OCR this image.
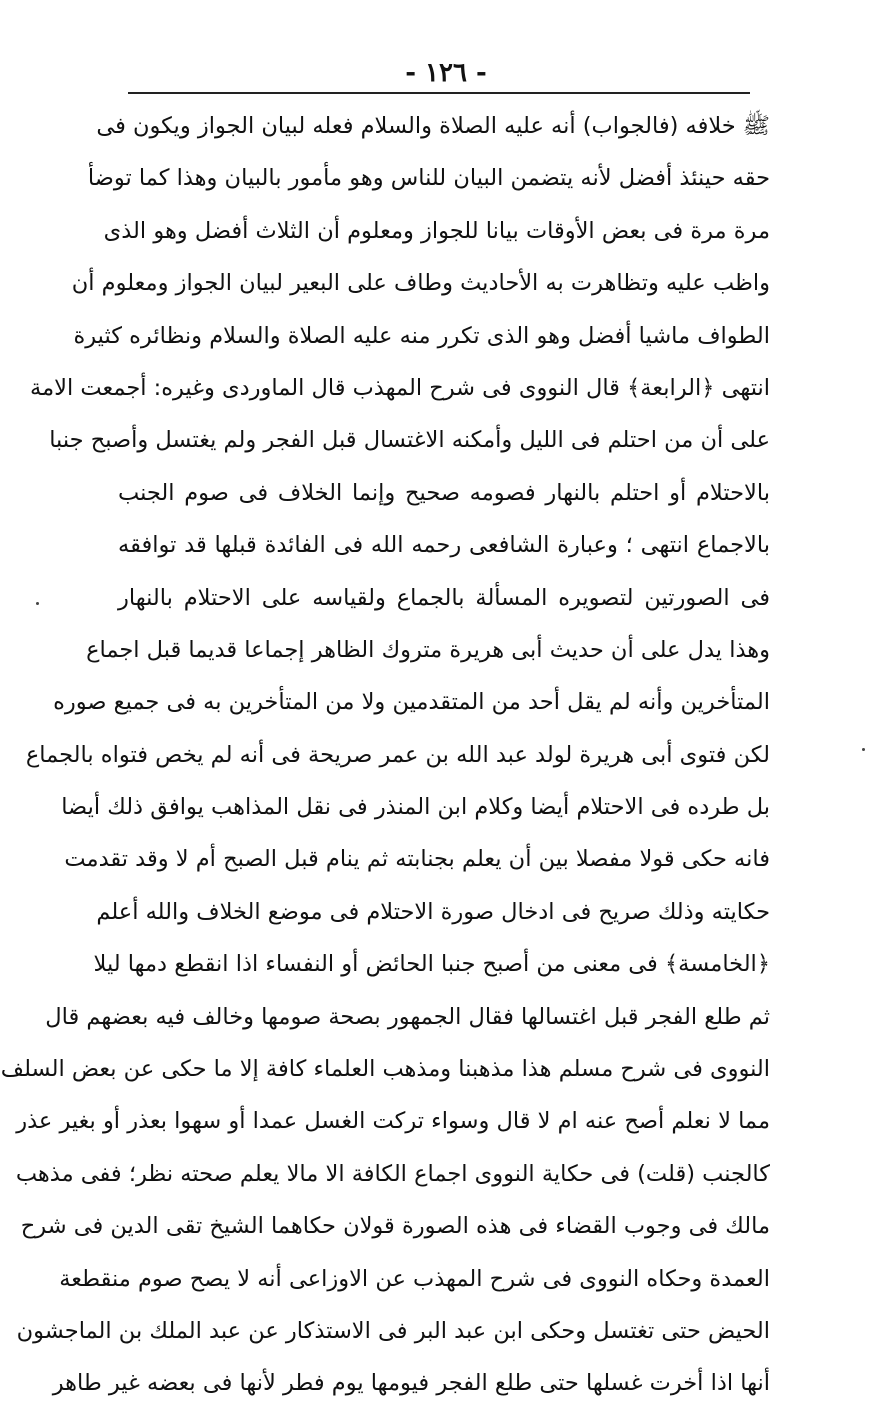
- ١٢٦ -
ﷺ خلافه (فالجواب) أنه عليه الصلاة والسلام فعله لبيان الجواز ويكون فى
حقه حينئذ أفضل لأنه يتضمن البيان للناس وهو مأمور بالبيان وهذا كما توضأ
مرة مرة فى بعض الأوقات بيانا للجواز ومعلوم أن الثلاث أفضل وهو الذى
واظب عليه وتظاهرت به الأحاديث وطاف على البعير لبيان الجواز ومعلوم أن
الطواف ماشيا أفضل وهو الذى تكرر منه عليه الصلاة والسلام ونظائره كثيرة
انتهى ﴿الرابعة﴾ قال النووى فى شرح المهذب قال الماوردى وغيره: أجمعت الامة
على أن من احتلم فى الليل وأمكنه الاغتسال قبل الفجر ولم يغتسل وأصبح جنبا
بالاحتلام أو احتلم بالنهار فصومه صحيح وإنما الخلاف فى صوم الجنب
بالاجماع انتهى ؛ وعبارة الشافعى رحمه الله فى الفائدة قبلها قد توافقه
فى الصورتين لتصويره المسألة بالجماع ولقياسه على الاحتلام بالنهار
وهذا يدل على أن حديث أبى هريرة متروك الظاهر إجماعا قديما قبل اجماع
المتأخرين وأنه لم يقل أحد من المتقدمين ولا من المتأخرين به فى جميع صوره
لكن فتوى أبى هريرة لولد عبد الله بن عمر صريحة فى أنه لم يخص فتواه بالجماع
بل طرده فى الاحتلام أيضا وكلام ابن المنذر فى نقل المذاهب يوافق ذلك أيضا
فانه حكى قولا مفصلا بين أن يعلم بجنابته ثم ينام قبل الصبح أم لا وقد تقدمت
حكايته وذلك صريح فى ادخال صورة الاحتلام فى موضع الخلاف والله أعلم
﴿الخامسة﴾ فى معنى من أصبح جنبا الحائض أو النفساء اذا انقطع دمها ليلا
ثم طلع الفجر قبل اغتسالها فقال الجمهور بصحة صومها وخالف فيه بعضهم قال
النووى فى شرح مسلم هذا مذهبنا ومذهب العلماء كافة إلا ما حكى عن بعض السلف
مما لا نعلم أصح عنه ام لا قال وسواء تركت الغسل عمدا أو سهوا بعذر أو بغير عذر
كالجنب (قلت) فى حكاية النووى اجماع الكافة الا مالا يعلم صحته نظر؛ ففى مذهب
مالك فى وجوب القضاء فى هذه الصورة قولان حكاهما الشيخ تقى الدين فى شرح
العمدة وحكاه النووى فى شرح المهذب عن الاوزاعى أنه لا يصح صوم منقطعة
الحيض حتى تغتسل وحكى ابن عبد البر فى الاستذكار عن عبد الملك بن الماجشون
أنها اذا أخرت غسلها حتى طلع الفجر فيومها يوم فطر لأنها فى بعضه غير طاهر
